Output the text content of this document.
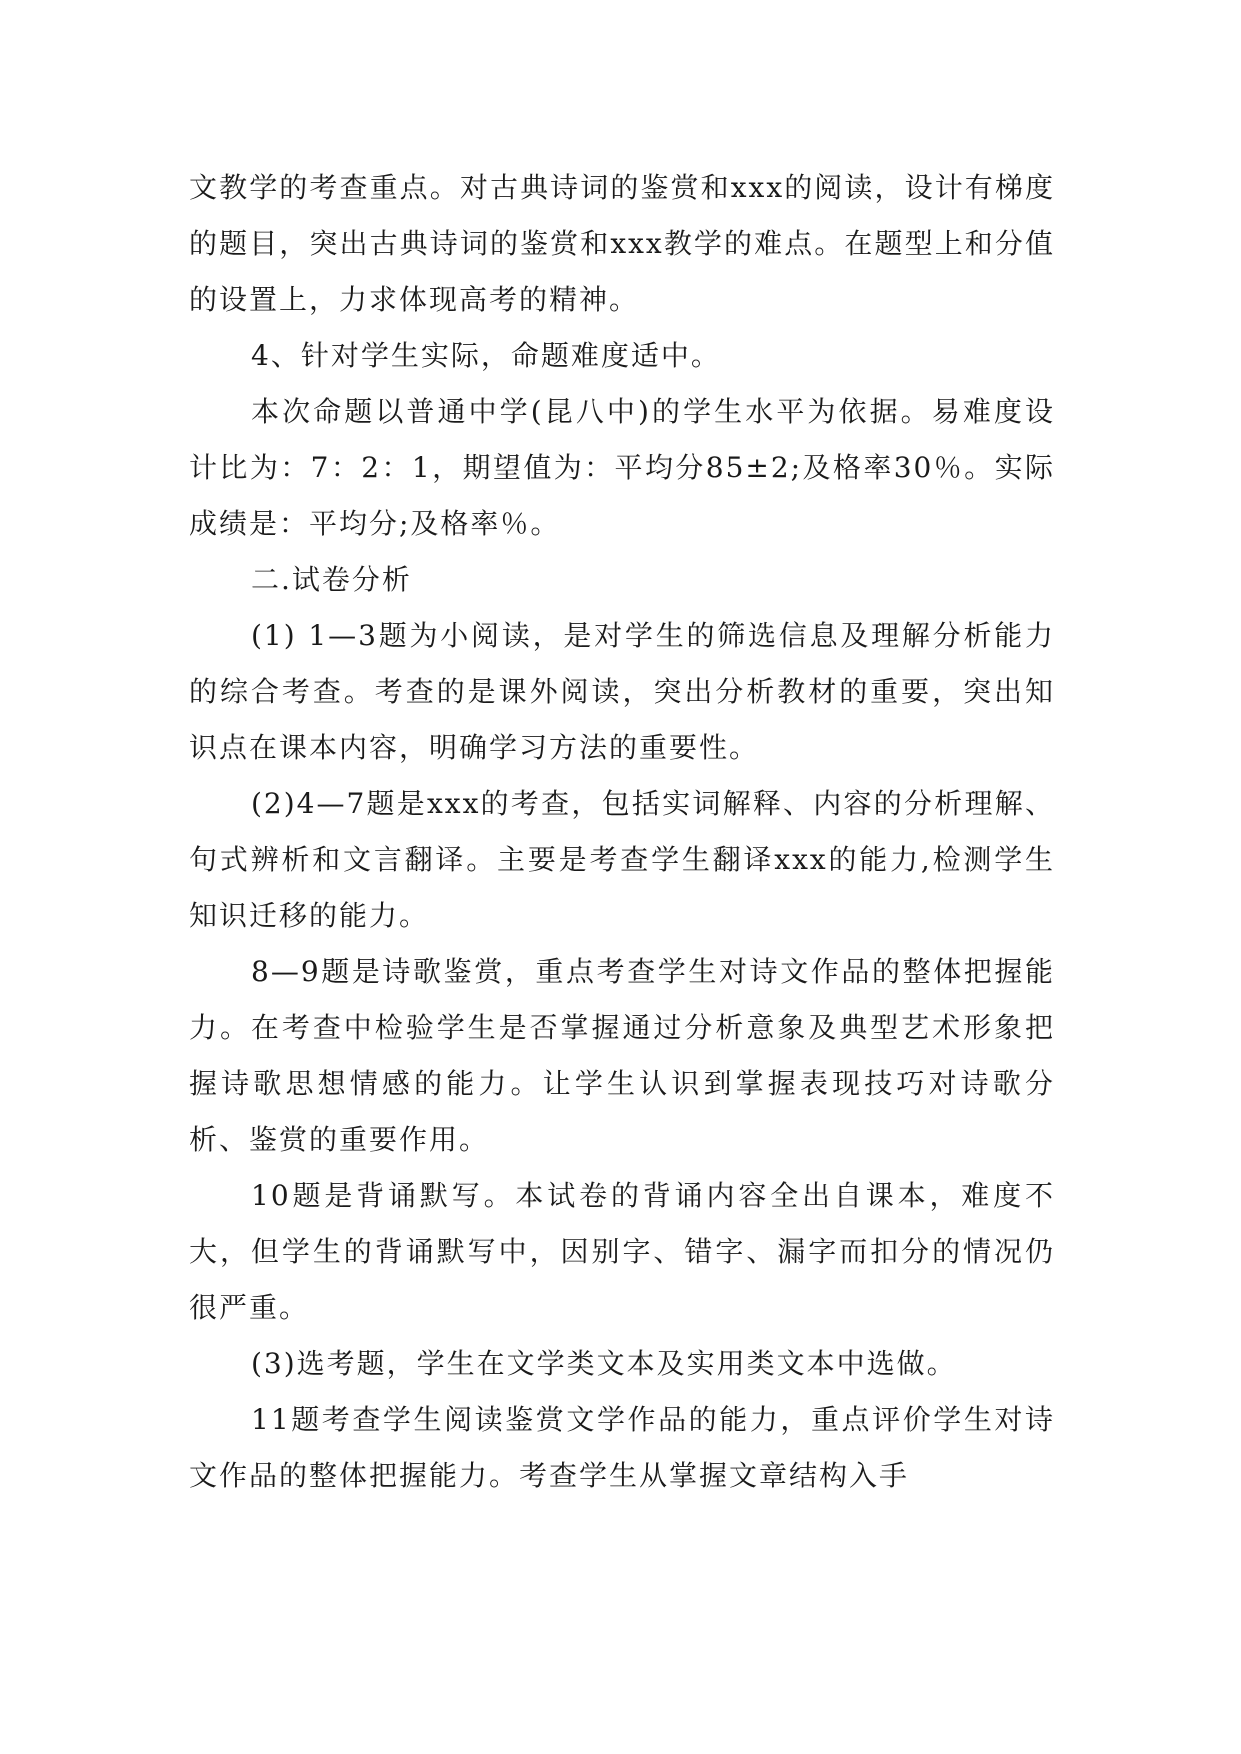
文教学的考查重点。对古典诗词的鉴赏和xxx的阅读，设计有梯度的题目，突出古典诗词的鉴赏和xxx教学的难点。在题型上和分值的设置上，力求体现高考的精神。

4、针对学生实际，命题难度适中。

本次命题以普通中学(昆八中)的学生水平为依据。易难度设计比为：7：2：1，期望值为：平均分85±2;及格率30％。实际成绩是：平均分;及格率％。

二.试卷分析

(1) 1—3题为小阅读，是对学生的筛选信息及理解分析能力的综合考查。考查的是课外阅读，突出分析教材的重要，突出知识点在课本内容，明确学习方法的重要性。

(2)4—7题是xxx的考查，包括实词解释、内容的分析理解、句式辨析和文言翻译。主要是考查学生翻译xxx的能力,检测学生知识迁移的能力。

8—9题是诗歌鉴赏，重点考查学生对诗文作品的整体把握能力。在考查中检验学生是否掌握通过分析意象及典型艺术形象把握诗歌思想情感的能力。让学生认识到掌握表现技巧对诗歌分析、鉴赏的重要作用。

10题是背诵默写。本试卷的背诵内容全出自课本，难度不大，但学生的背诵默写中，因别字、错字、漏字而扣分的情况仍很严重。

(3)选考题，学生在文学类文本及实用类文本中选做。

11题考查学生阅读鉴赏文学作品的能力，重点评价学生对诗文作品的整体把握能力。考查学生从掌握文章结构入手
